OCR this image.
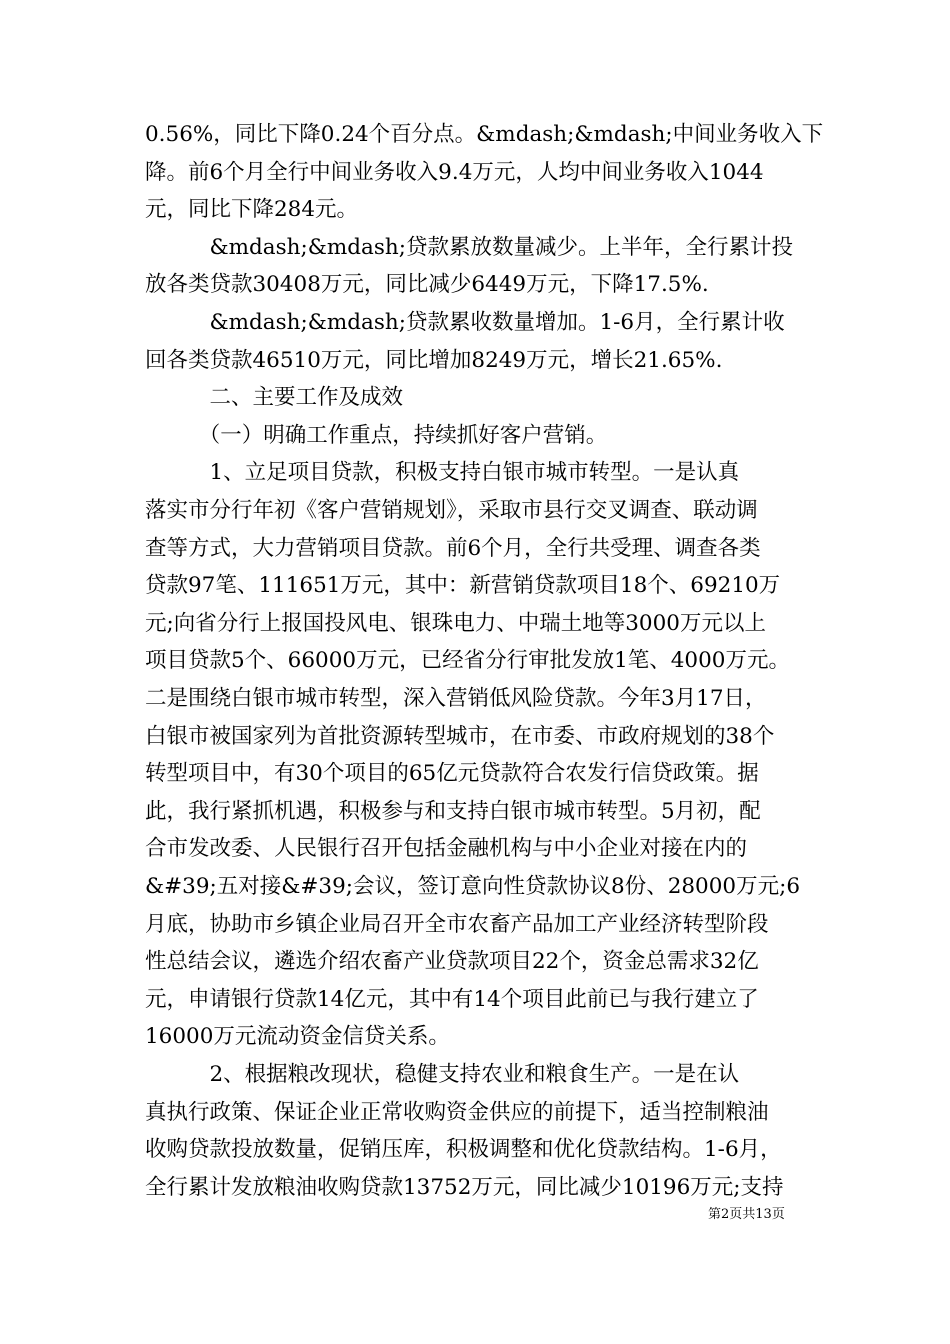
0.56%，同比下降0.24个百分点。&mdash;&mdash;中间业务收入下
降。前6个月全行中间业务收入9.4万元，人均中间业务收入1044
元，同比下降284元。
　　　&mdash;&mdash;贷款累放数量减少。上半年，全行累计投
放各类贷款30408万元，同比减少6449万元，下降17.5%.
　　　&mdash;&mdash;贷款累收数量增加。1-6月，全行累计收
回各类贷款46510万元，同比增加8249万元，增长21.65%.
　　　二、主要工作及成效
　　　（一）明确工作重点，持续抓好客户营销。
　　　1、立足项目贷款，积极支持白银市城市转型。一是认真
落实市分行年初《客户营销规划》，采取市县行交叉调查、联动调
查等方式，大力营销项目贷款。前6个月，全行共受理、调查各类
贷款97笔、111651万元，其中：新营销贷款项目18个、69210万
元;向省分行上报国投风电、银珠电力、中瑞土地等3000万元以上
项目贷款5个、66000万元，已经省分行审批发放1笔、4000万元。
二是围绕白银市城市转型，深入营销低风险贷款。今年3月17日，
白银市被国家列为首批资源转型城市，在市委、市政府规划的38个
转型项目中，有30个项目的65亿元贷款符合农发行信贷政策。据
此，我行紧抓机遇，积极参与和支持白银市城市转型。5月初，配
合市发改委、人民银行召开包括金融机构与中小企业对接在内的
&#39;五对接&#39;会议，签订意向性贷款协议8份、28000万元;6
月底，协助市乡镇企业局召开全市农畜产品加工产业经济转型阶段
性总结会议，遴选介绍农畜产业贷款项目22个，资金总需求32亿
元，申请银行贷款14亿元，其中有14个项目此前已与我行建立了
16000万元流动资金信贷关系。
　　　2、根据粮改现状，稳健支持农业和粮食生产。一是在认
真执行政策、保证企业正常收购资金供应的前提下，适当控制粮油
收购贷款投放数量，促销压库，积极调整和优化贷款结构。1-6月，
全行累计发放粮油收购贷款13752万元，同比减少10196万元;支持
第2页共13页
